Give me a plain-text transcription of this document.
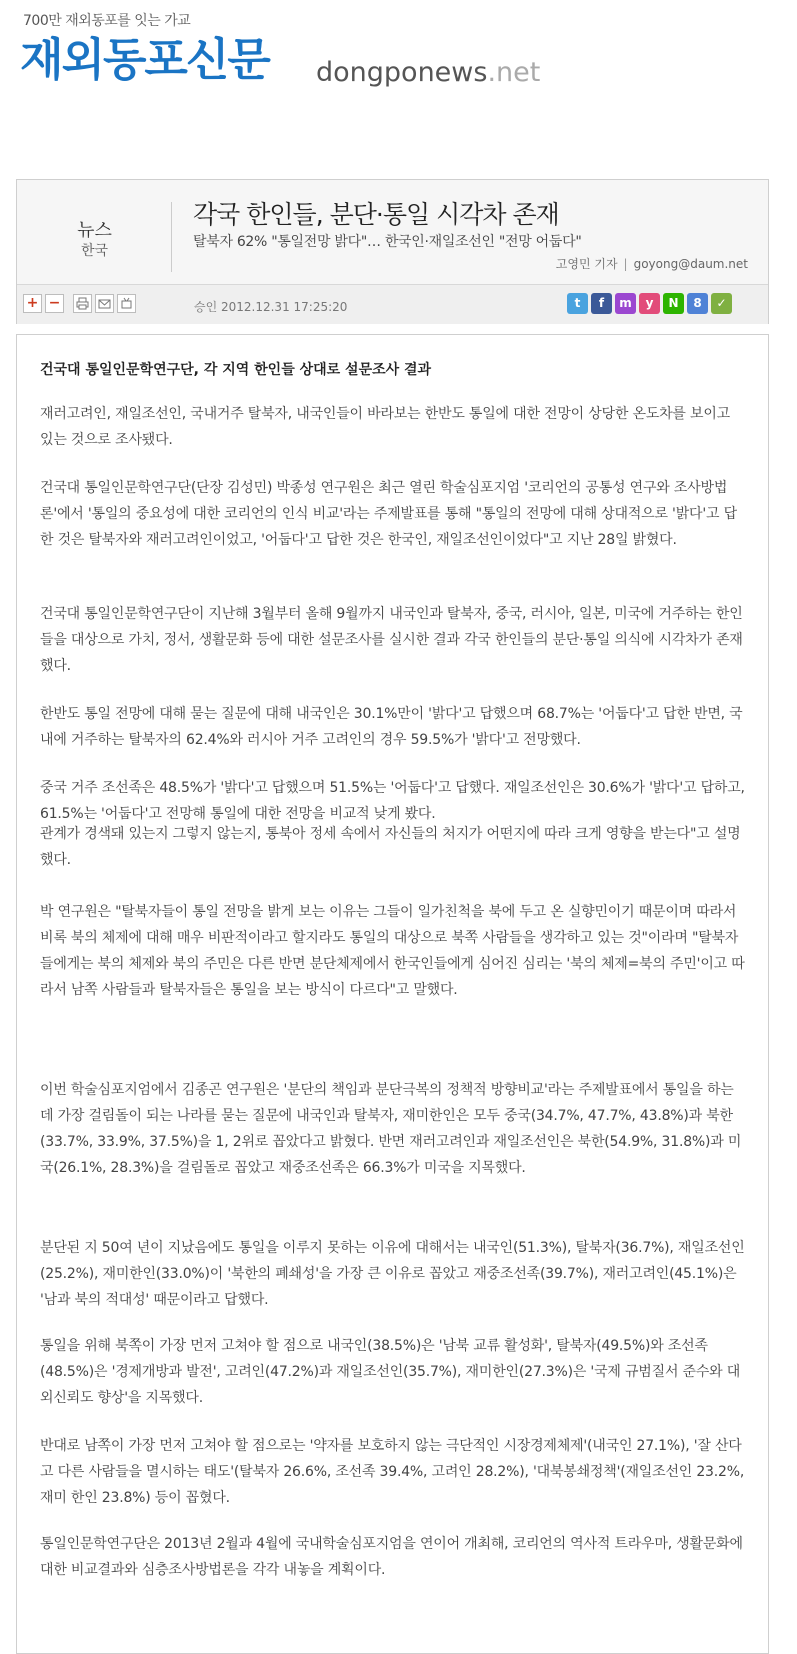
700만 재외동포를 잇는 가교
재외동포신문 dongponews.net
뉴스
한국
각국 한인들, 분단·통일 시각차 존재
탈북자 62% "통일전망 밝다"… 한국인·재일조선인 "전망 어둡다"
고영민 기자 | goyong@daum.net
+ −	승인 2012.12.31 17:25:20	t	f	m	y	N	8	✓
건국대 통일인문학연구단, 각 지역 한인들 상대로 설문조사 결과

재러고려인, 재일조선인, 국내거주 탈북자, 내국인들이 바라보는 한반도 통일에 대한 전망이 상당한 온도차를 보이고 있는 것으로 조사됐다.

건국대 통일인문학연구단(단장 김성민) 박종성 연구원은 최근 열린 학술심포지엄 '코리언의 공통성 연구와 조사방법론'에서 '통일의 중요성에 대한 코리언의 인식 비교'라는 주제발표를 통해 "통일의 전망에 대해 상대적으로 '밝다'고 답한 것은 탈북자와 재러고려인이었고, '어둡다'고 답한 것은 한국인, 재일조선인이었다"고 지난 28일 밝혔다.

건국대 통일인문학연구단이 지난해 3월부터 올해 9월까지 내국인과 탈북자, 중국, 러시아, 일본, 미국에 거주하는 한인들을 대상으로 가치, 정서, 생활문화 등에 대한 설문조사를 실시한 결과 각국 한인들의 분단·통일 의식에 시각차가 존재했다.

한반도 통일 전망에 대해 묻는 질문에 대해 내국인은 30.1%만이 '밝다'고 답했으며 68.7%는 '어둡다'고 답한 반면, 국내에 거주하는 탈북자의 62.4%와 러시아 거주 고려인의 경우 59.5%가 '밝다'고 전망했다.

중국 거주 조선족은 48.5%가 '밝다'고 답했으며 51.5%는 '어둡다'고 답했다. 재일조선인은 30.6%가 '밝다'고 답하고, 61.5%는 '어둡다'고 전망해 통일에 대한 전망을 비교적 낮게 봤다.

관계가 경색돼 있는지 그렇지 않는지, 통북아 정세 속에서 자신들의 처지가 어떤지에 따라 크게 영향을 받는다"고 설명했다.

박 연구원은 "탈북자들이 통일 전망을 밝게 보는 이유는 그들이 일가친척을 북에 두고 온 실향민이기 때문이며 따라서 비록 북의 체제에 대해 매우 비판적이라고 할지라도 통일의 대상으로 북쪽 사람들을 생각하고 있는 것"이라며 "탈북자들에게는 북의 체제와 북의 주민은 다른 반면 분단체제에서 한국인들에게 심어진 심리는 '북의 체제=북의 주민'이고 따라서 남쪽 사람들과 탈북자들은 통일을 보는 방식이 다르다"고 말했다.

이번 학술심포지엄에서 김종곤 연구원은 '분단의 책임과 분단극복의 정책적 방향비교'라는 주제발표에서 통일을 하는 데 가장 걸림돌이 되는 나라를 묻는 질문에 내국인과 탈북자, 재미한인은 모두 중국(34.7%, 47.7%, 43.8%)과 북한(33.7%, 33.9%, 37.5%)을 1, 2위로 꼽았다고 밝혔다. 반면 재러고려인과 재일조선인은 북한(54.9%, 31.8%)과 미국(26.1%, 28.3%)을 걸림돌로 꼽았고 재중조선족은 66.3%가 미국을 지목했다.

분단된 지 50여 년이 지났음에도 통일을 이루지 못하는 이유에 대해서는 내국인(51.3%), 탈북자(36.7%), 재일조선인(25.2%), 재미한인(33.0%)이 '북한의 폐쇄성'을 가장 큰 이유로 꼽았고 재중조선족(39.7%), 재러고려인(45.1%)은 '남과 북의 적대성' 때문이라고 답했다.

통일을 위해 북쪽이 가장 먼저 고쳐야 할 점으로 내국인(38.5%)은 '남북 교류 활성화', 탈북자(49.5%)와 조선족(48.5%)은 '경제개방과 발전', 고려인(47.2%)과 재일조선인(35.7%), 재미한인(27.3%)은 '국제 규범질서 준수와 대외신뢰도 향상'을 지목했다.

반대로 남쪽이 가장 먼저 고쳐야 할 점으로는 '약자를 보호하지 않는 극단적인 시장경제체제'(내국인 27.1%), '잘 산다고 다른 사람들을 멸시하는 태도'(탈북자 26.6%, 조선족 39.4%, 고려인 28.2%), '대북봉쇄정책'(재일조선인 23.2%, 재미 한인 23.8%) 등이 꼽혔다.

통일인문학연구단은 2013년 2월과 4월에 국내학술심포지엄을 연이어 개최해, 코리언의 역사적 트라우마, 생활문화에 대한 비교결과와 심층조사방법론을 각각 내놓을 계획이다.
